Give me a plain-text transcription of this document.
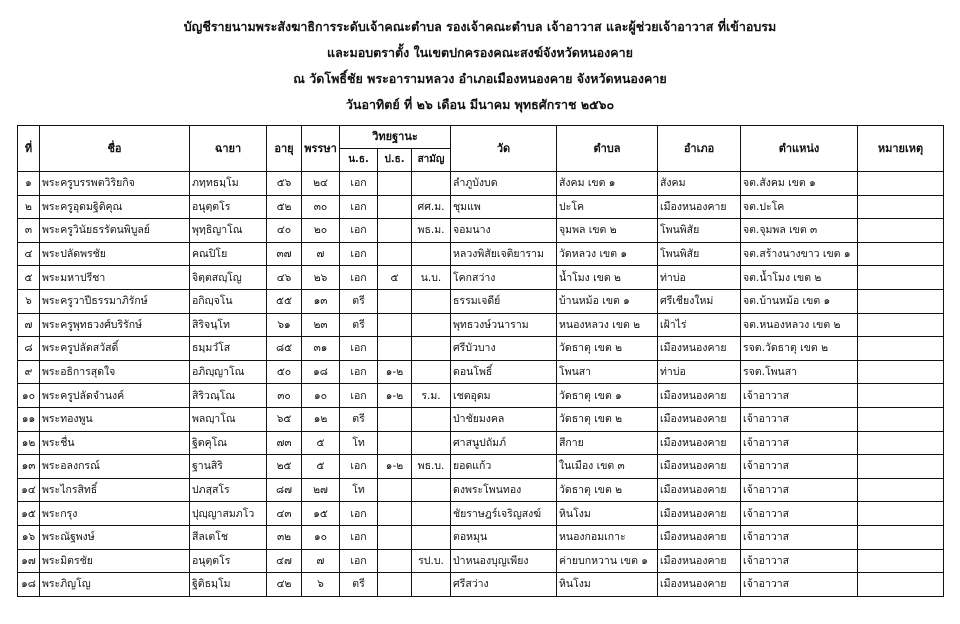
บัญชีรายนามพระสังฆาธิการระดับเจ้าคณะตำบล รองเจ้าคณะตำบล เจ้าอาวาส และผู้ช่วยเจ้าอาวาส ที่เข้าอบรม
และมอบตราตั้ง ในเขตปกครองคณะสงฆ์จังหวัดหนองคาย
ณ วัดโพธิ์ชัย พระอารามหลวง อำเภอเมืองหนองคาย จังหวัดหนองคาย
วันอาทิตย์ ที่ ๒๖ เดือน มีนาคม พุทธศักราช ๒๕๖๐
ที่	ชื่อ	ฉายา	อายุ	พรรษา	วิทยฐานะ			วัด	ตำบล	อำเภอ	ตำแหน่ง	หมายเหตุ
					น.ธ.	ป.ธ.	สามัญ					
๑	พระครูบรรพตวิริยกิจ	ภทฺทธมฺโม	๕๖	๒๔	เอก			ลำภูบังบด	สังคม เขต ๑	สังคม	จต.สังคม เขต ๑	
๒	พระครูอุดมฐิติคุณ	อนุตฺตโร	๕๒	๓๐	เอก		ศศ.ม.	ชุมแพ	ปะโค	เมืองหนองคาย	จต.ปะโค	
๓	พระครูวินัยธรรัตนพิบูลย์	พุทฺธิญาโณ	๔๐	๒๐	เอก		พธ.ม.	จอมนาง	จุมพล เขต ๒	โพนพิสัย	จต.จุมพล เขต ๓	
๔	พระปลัดพรชัย	คณปิโย	๓๗	๗	เอก			หลวงพิสัยเจติยาราม	วัดหลวง เขต ๑	โพนพิสัย	จต.สร้างนางขาว เขต ๑	
๕	พระมหาปรีชา	จิตฺตสญฺโญ	๔๖	๒๖	เอก	๕	น.บ.	โคกสว่าง	น้ำโมง เขต ๒	ท่าบ่อ	จต.น้ำโมง เขต ๒	
๖	พระครูวาปีธรรมาภิรักษ์	อกิญฺจโน	๕๕	๑๓	ตรี			ธรรมเจดีย์	บ้านหม้อ เขต ๑	ศรีเชียงใหม่	จต.บ้านหม้อ เขต ๑	
๗	พระครูพุทธวงศ์บริรักษ์	สิริจนฺโท	๖๑	๒๓	ตรี			พุทธวงษ์วนาราม	หนองหลวง เขต ๒	เฝ้าไร่	จต.หนองหลวง เขต ๒	
๘	พระครูปลัดสวัสดิ์	ธมฺมวํโส	๘๕	๓๑	เอก			ศรีบัวบาง	วัดธาตุ เขต ๒	เมืองหนองคาย	รจต.วัดธาตุ เขต ๒	
๙	พระอธิการสุดใจ	อภิญฺญาโณ	๕๐	๑๘	เอก	๑-๒		ดอนโพธิ์	โพนสา	ท่าบ่อ	รจต.โพนสา	
๑๐	พระครูปลัดจำนงค์	สิริวณฺโณ	๓๐	๑๐	เอก	๑-๒	ร.ม.	เชตอุดม	วัดธาตุ เขต ๑	เมืองหนองคาย	เจ้าอาวาส	
๑๑	พระทองพูน	พลญฺาโณ	๖๕	๑๒	ตรี			ป่าชัยมงคล	วัดธาตุ เขต ๒	เมืองหนองคาย	เจ้าอาวาส	
๑๒	พระชื่น	ฐิตคุโณ	๗๓	๕	โท			ศาสนูปถัมภ์	สีกาย	เมืองหนองคาย	เจ้าอาวาส	
๑๓	พระอลงกรณ์	ฐานสิริ	๒๕	๕	เอก	๑-๒	พธ.บ.	ยอดแก้ว	ในเมือง เขต ๓	เมืองหนองคาย	เจ้าอาวาส	
๑๔	พระไกรสิทธิ์	ปภสฺสโร	๘๗	๒๗	โท			ดงพระโพนทอง	วัดธาตุ เขต ๒	เมืองหนองคาย	เจ้าอาวาส	
๑๕	พระกรุง	ปุญฺญาสมภโว	๔๓	๑๕	เอก			ชัยราษฎร์เจริญสงฆ์	หินโงม	เมืองหนองคาย	เจ้าอาวาส	
๑๖	พระณัฐพงษ์	สีลเตโช	๓๒	๑๐	เอก			ตอหมุน	หนองกอมเกาะ	เมืองหนองคาย	เจ้าอาวาส	
๑๗	พระมิตรชัย	อนุตฺตโร	๔๗	๗	เอก		รป.บ.	ป่าหนองบุญเพียง	ค่ายบกหวาน เขต ๑	เมืองหนองคาย	เจ้าอาวาส	
๑๘	พระภิญโญ	ฐิติธมฺโม	๔๒	๖	ตรี			ศรีสว่าง	หินโงม	เมืองหนองคาย	เจ้าอาวาส	
